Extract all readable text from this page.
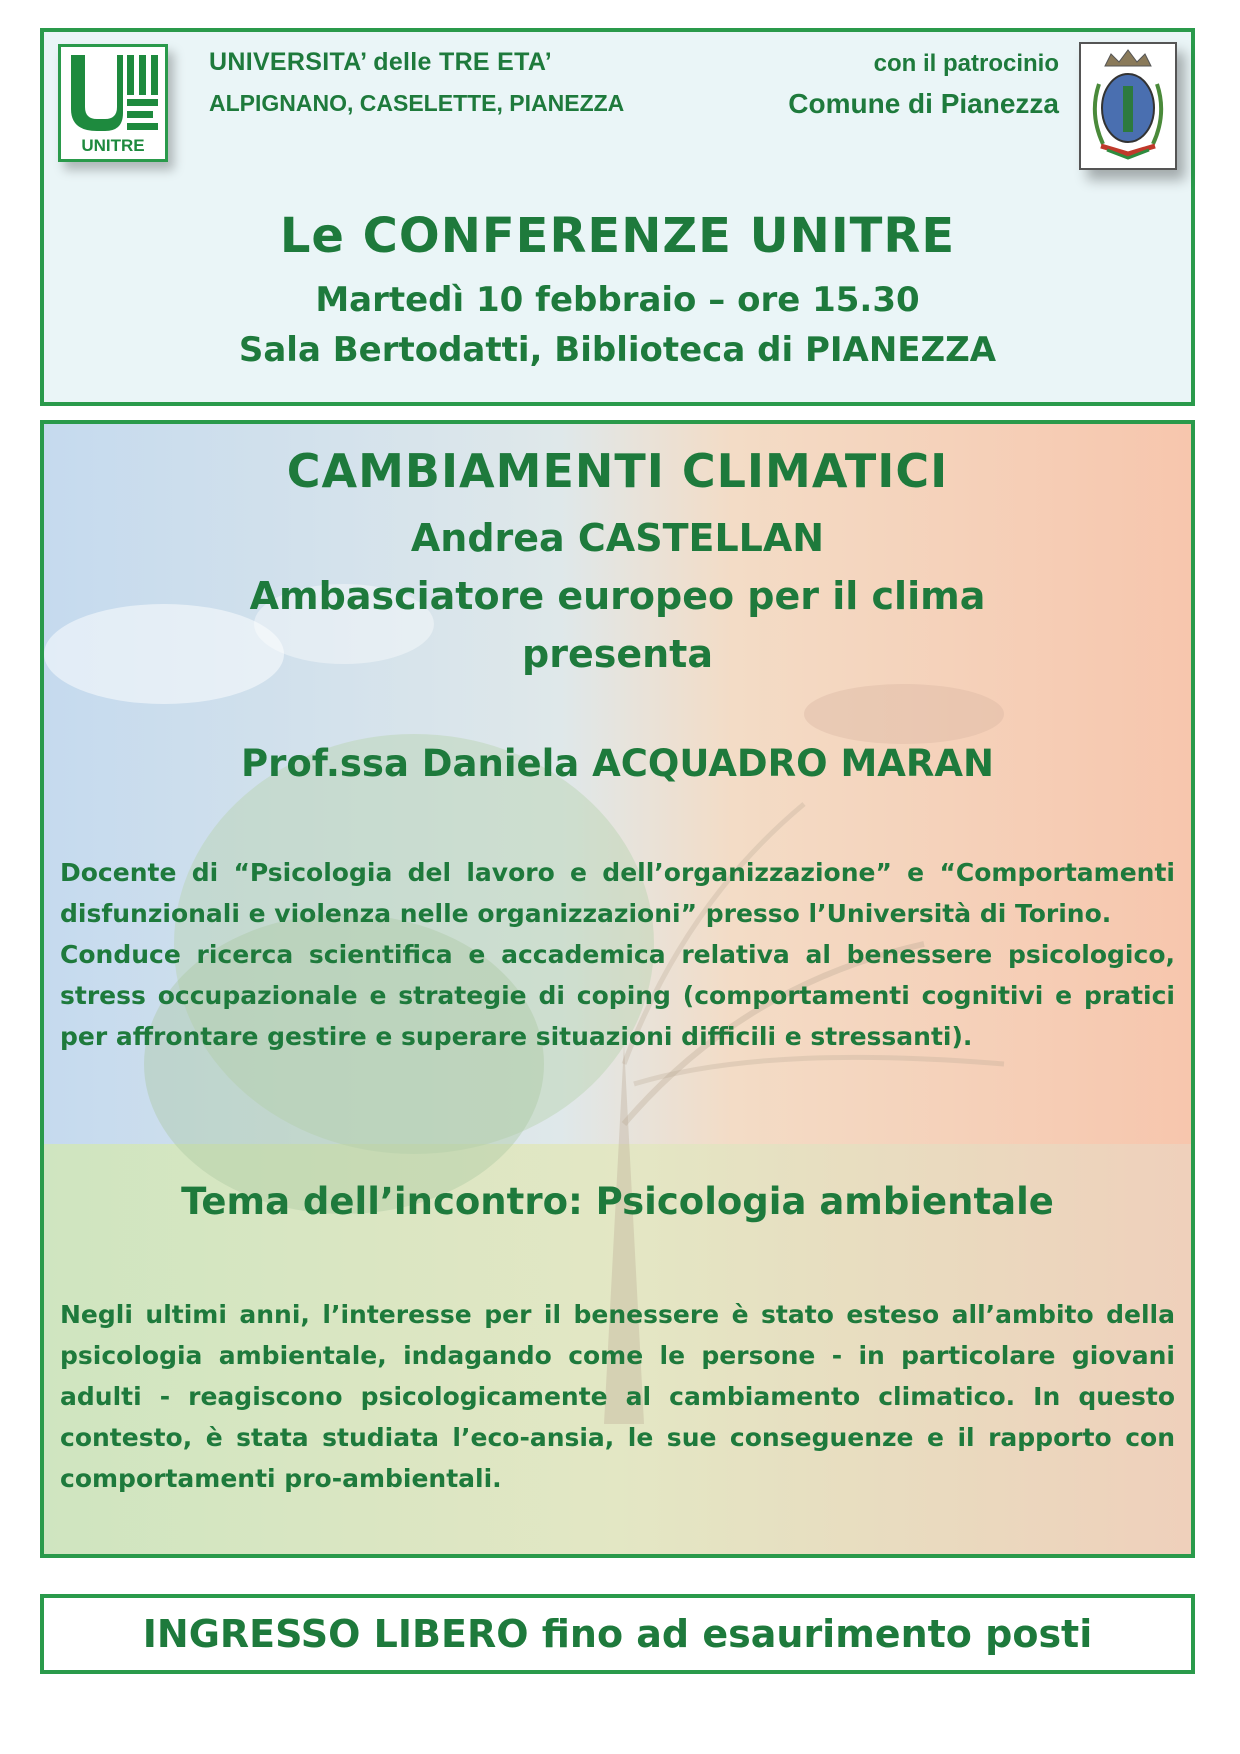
UNITRE
UNIVERSITA’ delle TRE ETA’
ALPIGNANO, CASELETTE, PIANEZZA
con il patrocinio
Comune di Pianezza
Le CONFERENZE UNITRE
Martedì 10 febbraio – ore 15.30
Sala Bertodatti, Biblioteca di PIANEZZA
CAMBIAMENTI CLIMATICI
Andrea CASTELLAN
Ambasciatore europeo per il clima
presenta
Prof.ssa Daniela ACQUADRO MARAN
Docente di “Psicologia del lavoro e dell’organizzazione” e “Comportamenti disfunzionali e violenza nelle organizzazioni” presso l’Università di Torino.
Conduce ricerca scientifica e accademica relativa al benessere psicologico, stress occupazionale e strategie di coping (comportamenti cognitivi e pratici per affrontare gestire e superare situazioni difficili e stressanti).
Tema dell’incontro: Psicologia ambientale
Negli ultimi anni, l’interesse per il benessere è stato esteso all’ambito della psicologia ambientale, indagando come le persone - in particolare giovani adulti - reagiscono psicologicamente al cambiamento climatico. In questo contesto, è stata studiata l’eco-ansia, le sue conseguenze e il rapporto con comportamenti pro-ambientali.
INGRESSO LIBERO fino ad esaurimento posti
